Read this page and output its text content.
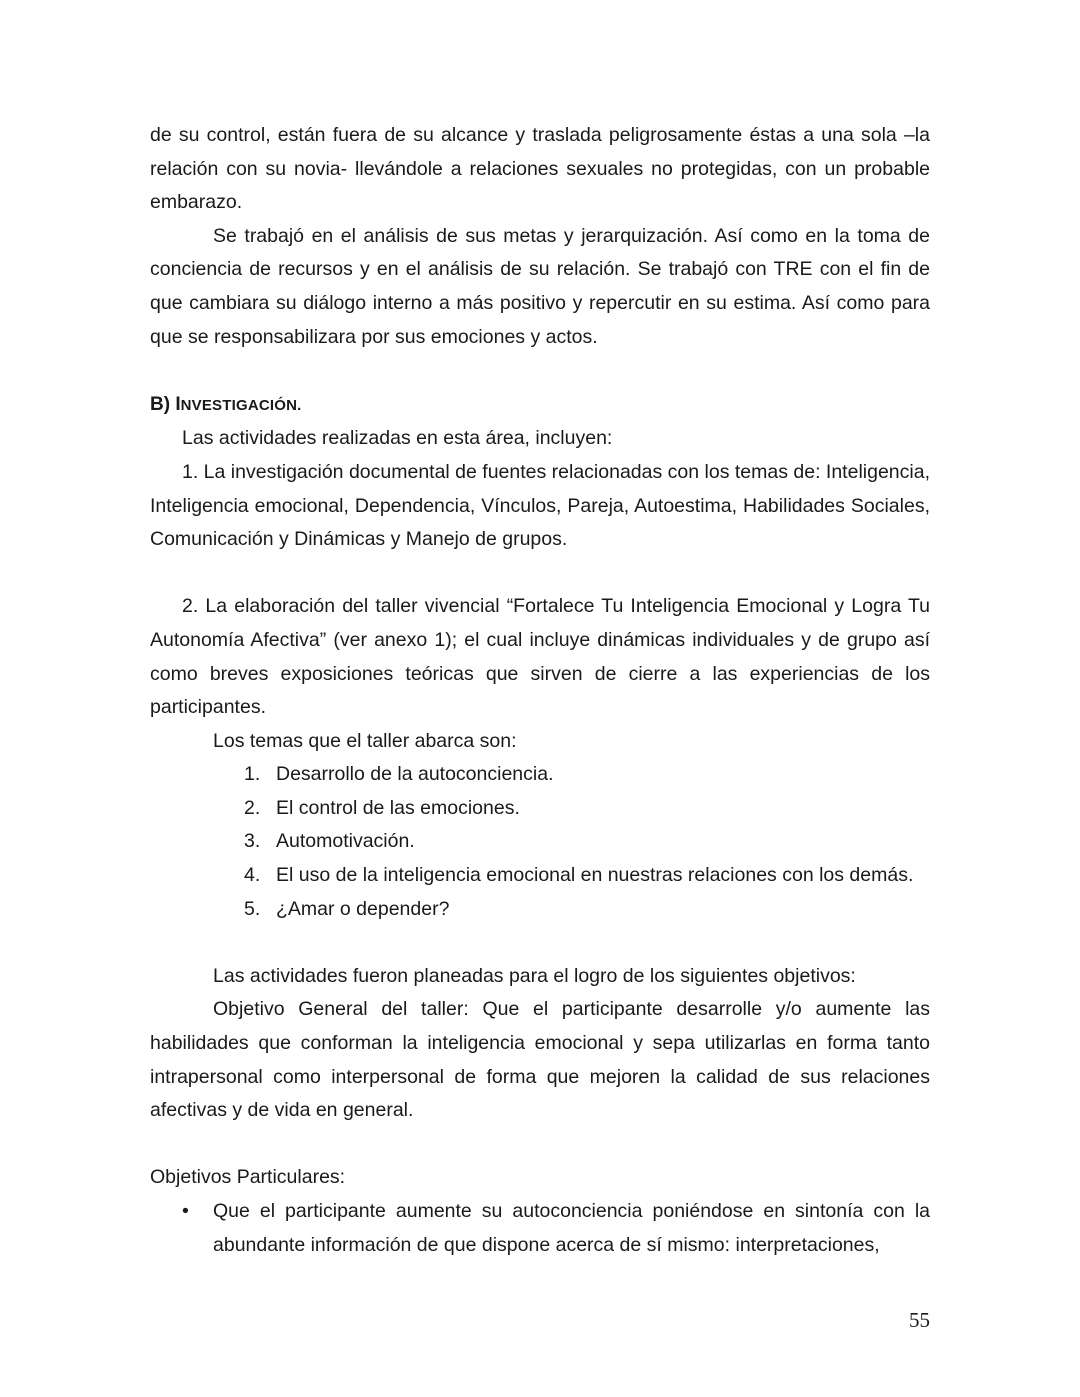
de su control, están fuera de su alcance y traslada peligrosamente éstas a una sola –la relación con su novia- llevándole a relaciones sexuales no protegidas, con un probable embarazo.

Se trabajó en el análisis de sus metas y jerarquización. Así como en la toma de conciencia de recursos y en el análisis de su relación. Se trabajó con TRE con el fin de que cambiara su diálogo interno a más positivo y repercutir en su estima. Así como para que se responsabilizara por sus emociones y actos.

B) INVESTIGACIÓN.

Las actividades realizadas en esta área, incluyen:

1. La investigación documental de fuentes relacionadas con los temas de: Inteligencia, Inteligencia emocional, Dependencia, Vínculos, Pareja, Autoestima, Habilidades Sociales, Comunicación y Dinámicas y Manejo de grupos.

2. La elaboración del taller vivencial “Fortalece Tu Inteligencia Emocional y Logra Tu Autonomía Afectiva” (ver anexo 1); el cual incluye dinámicas individuales y de grupo así como breves exposiciones teóricas que sirven de cierre a las experiencias de los participantes.

Los temas que el taller abarca son:

1. Desarrollo de la autoconciencia.
2. El control de las emociones.
3. Automotivación.
4. El uso de la inteligencia emocional en nuestras relaciones con los demás.
5. ¿Amar o depender?

Las actividades fueron planeadas para el logro de los siguientes objetivos:

Objetivo General del taller: Que el participante desarrolle y/o aumente las habilidades que conforman la inteligencia emocional y sepa utilizarlas en forma tanto intrapersonal como interpersonal de forma que mejoren la calidad de sus relaciones afectivas y de vida en general.

Objetivos Particulares:

• Que el participante aumente su autoconciencia poniéndose en sintonía con la abundante información de que dispone acerca de sí mismo: interpretaciones,
55
